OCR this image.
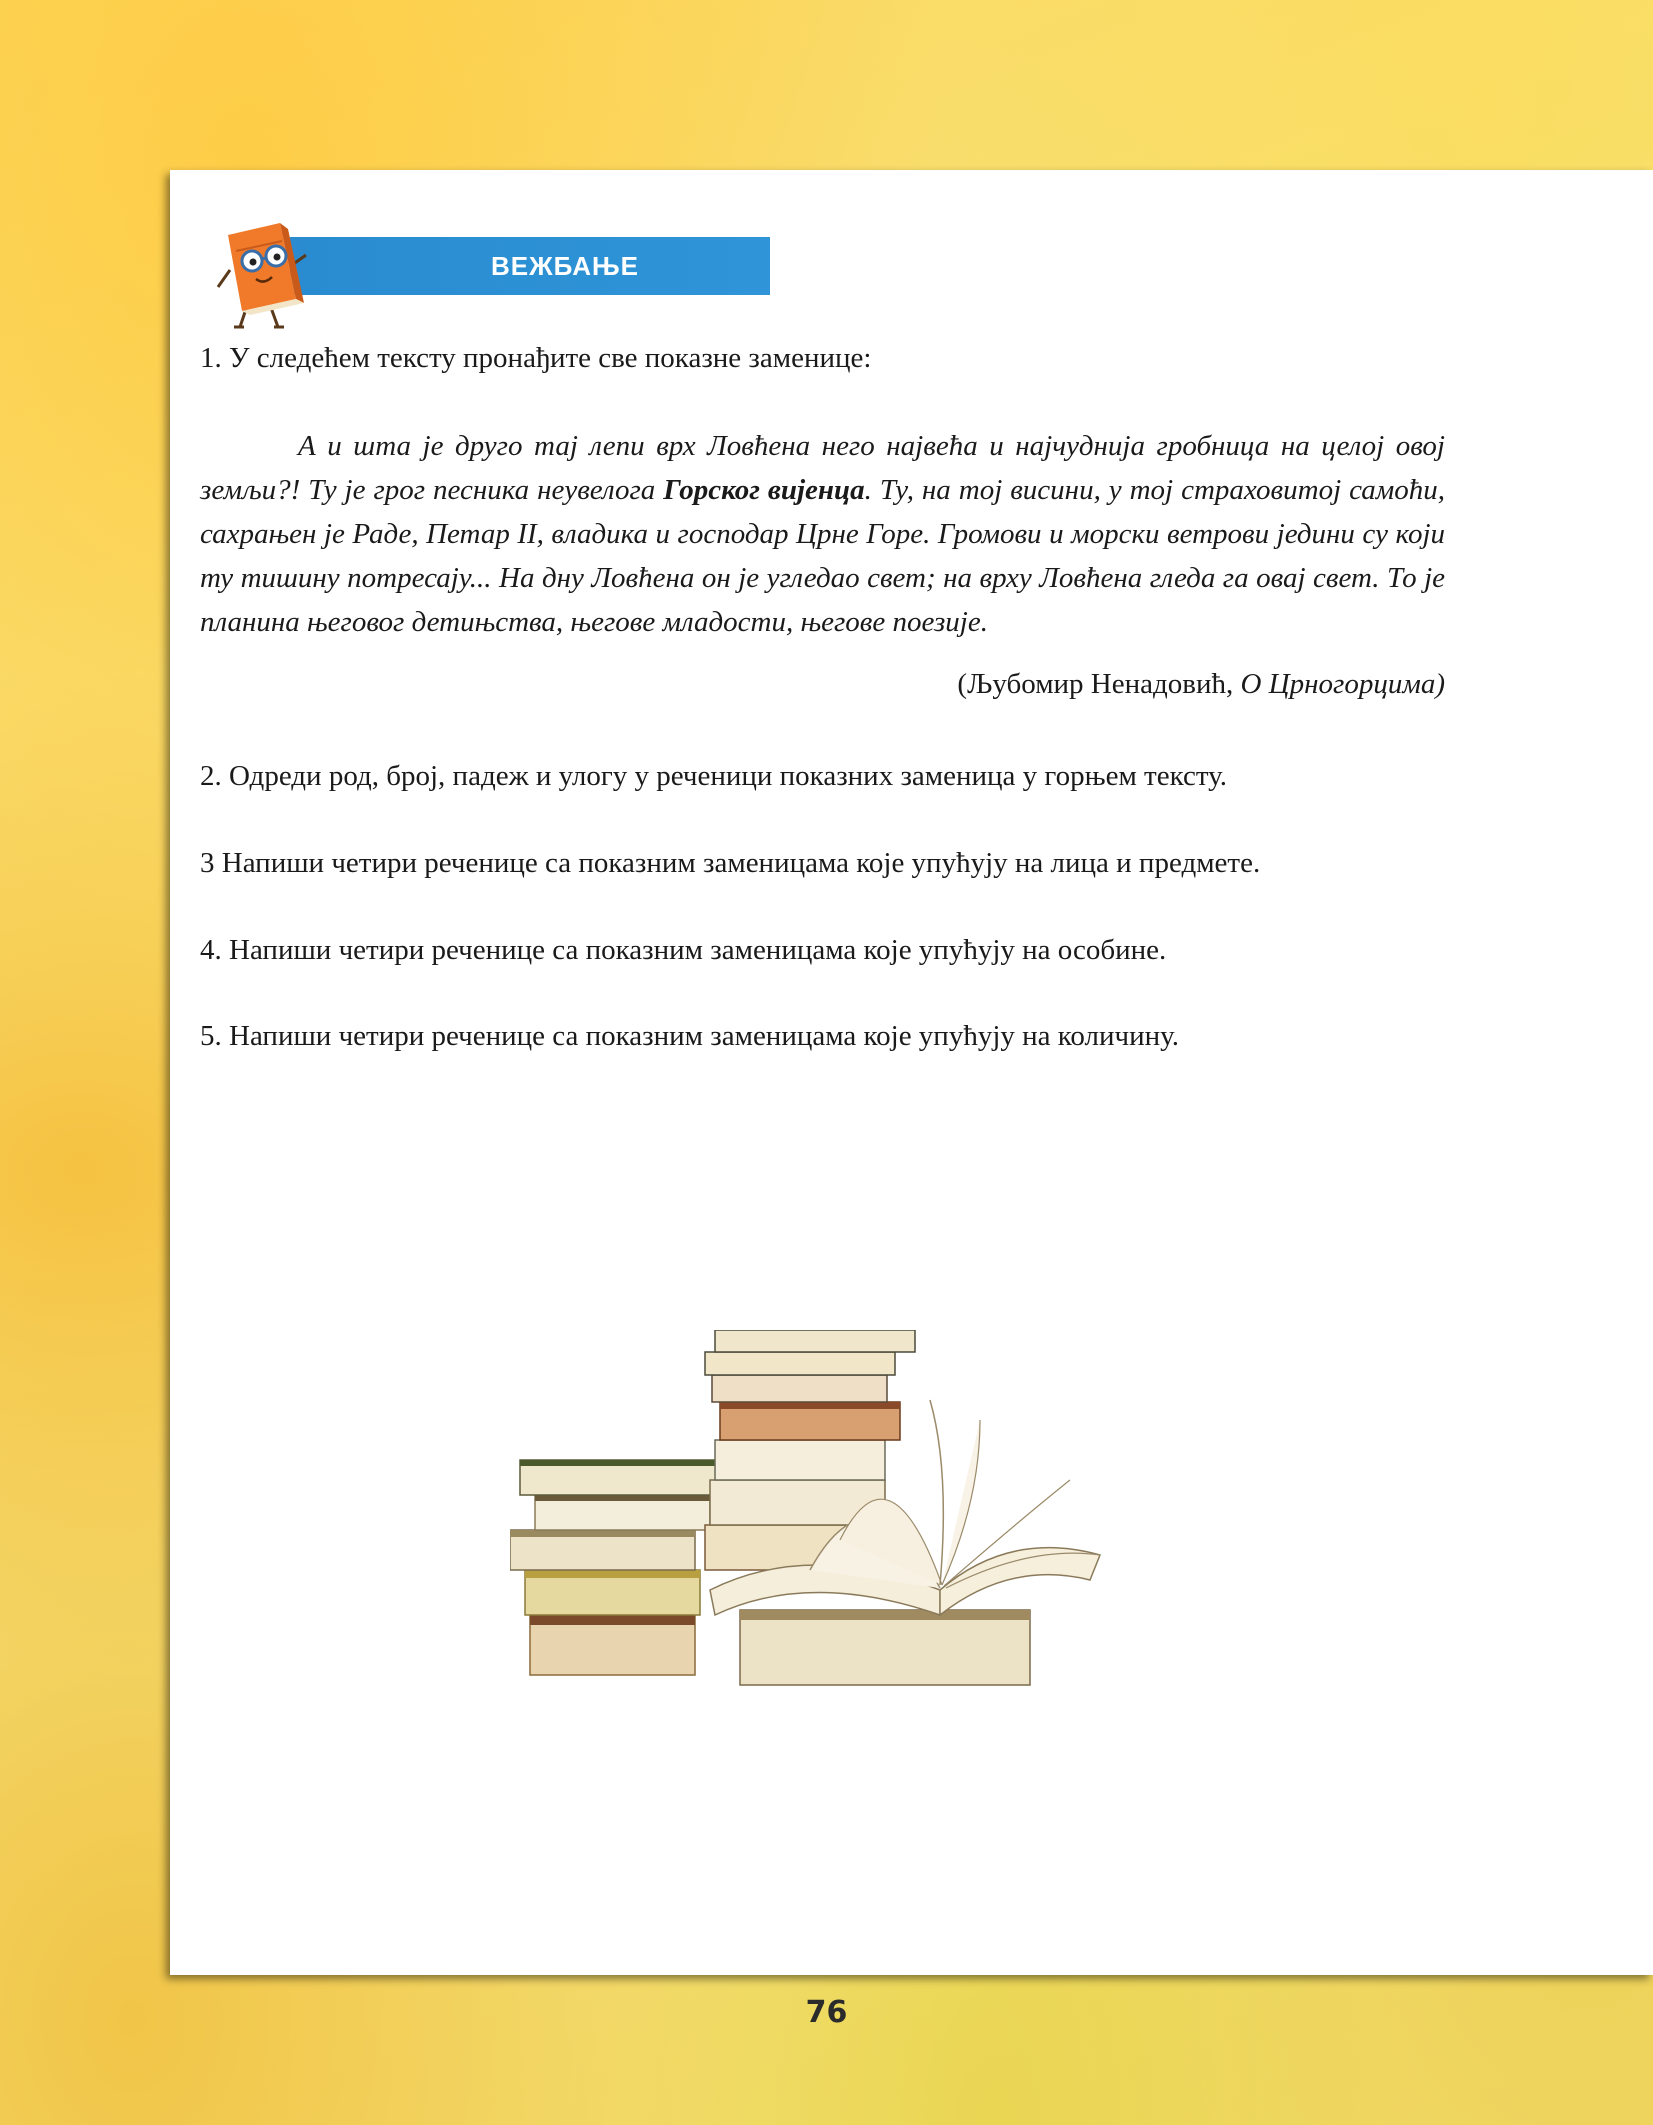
ВЕЖБАЊЕ

1. У следећем тексту пронађите све показне заменице:

А и шта је друго тај лепи врх Ловћена него највећа и најчуднија гробница на целој овој земљи?! Ту је грог песника неувелога Горског вијенца. Ту, на тој висини, у тој страховитој самоћи, сахрањен је Раде, Петар II, владика и господар Црне Горе. Громови и морски ветрови једини су који ту тишину потресају... На дну Ловћена он је угледао свет; на врху Ловћена гледа га овај свет. То је планина његовог детињства, његове младости, његове поезије.

(Љубомир Ненадовић, О Црногорцима)

2. Одреди род, број, падеж и улогу у реченици показних заменица у горњем тексту.

3 Напиши четири реченице са показним заменицама које упућују на лица и предмете.

4. Напиши четири реченице са показним заменицама које упућују на особине.

5. Напиши четири реченице са показним заменицама које упућују на количину.

76
